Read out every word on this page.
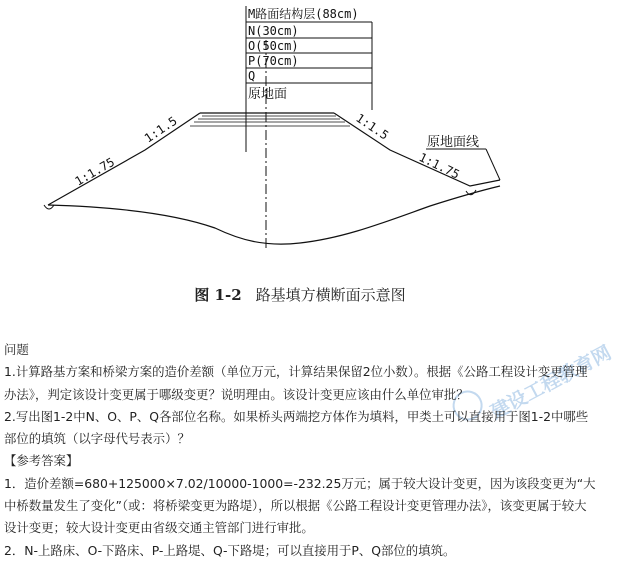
M路面结构层(88cm)
N(30cm)
O(50cm)
P(70cm)
Q
原地面
1:1.5
1:1.75
1:1.5
1:1.75
原地面线
图 1-2 路基填方横断面示意图
建设工程教育网

问题

1.计算路基方案和桥梁方案的造价差额（单位万元，计算结果保留2位小数）。根据《公路工程设计变更管理办法》，判定该设计变更属于哪级变更？说明理由。该设计变更应该由什么单位审批？

2.写出图1-2中N、O、P、Q各部位名称。如果桥头两端挖方体作为填料，甲类土可以直接用于图1-2中哪些部位的填筑（以字母代号表示）？

【参考答案】

1．造价差额=680+125000×7.02/10000-1000=-232.25万元；属于较大设计变更，因为该段变更为“大中桥数量发生了变化”（或：将桥梁变更为路堤），所以根据《公路工程设计变更管理办法》，该变更属于较大设计变更；较大设计变更由省级交通主管部门进行审批。

2．N-上路床、O-下路床、P-上路堤、Q-下路堤；可以直接用于P、Q部位的填筑。
